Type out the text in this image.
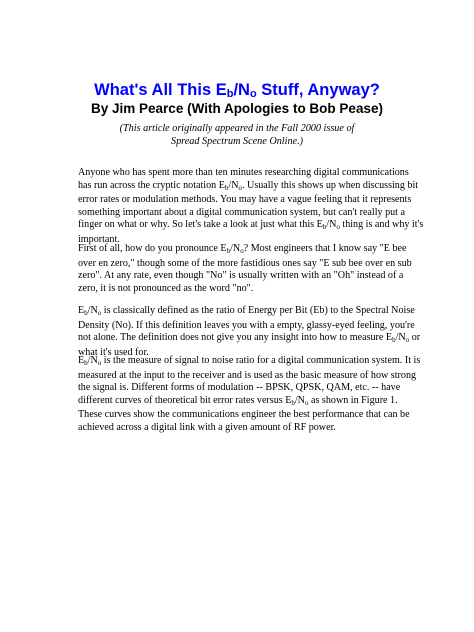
What's All This $E_b/N_o$ Stuff, Anyway?
By Jim Pearce (With Apologies to Bob Pease)

(This article originally appeared in the Fall 2000 issue of Spread Spectrum Scene Online.)

Anyone who has spent more than ten minutes researching digital communications
has run across the cryptic notation $E_b/N_o$. Usually this shows up when discussing bit
error rates or modulation methods. You may have a vague feeling that it represents
something important about a digital communication system, but can't really put a
finger on what or why. So let's take a look at just what this $E_b/N_o$ thing is and why it's
important.
First of all, how do you pronounce $E_b/N_o$? Most engineers that I know say "E bee
over en zero," though some of the more fastidious ones say "E sub bee over en sub
zero". At any rate, even though "No" is usually written with an "Oh" instead of a
zero, it is not pronounced as the word "no".
$E_b/N_o$ is classically defined as the ratio of Energy per Bit (Eb) to the Spectral Noise
Density (No). If this definition leaves you with a empty, glassy-eyed feeling, you're
not alone. The definition does not give you any insight into how to measure $E_b/N_o$ or
what it's used for.
$E_b/N_o$ is the measure of signal to noise ratio for a digital communication system. It is
measured at the input to the receiver and is used as the basic measure of how strong
the signal is. Different forms of modulation -- BPSK, QPSK, QAM, etc. -- have
different curves of theoretical bit error rates versus $E_b/N_o$ as shown in Figure 1.
These curves show the communications engineer the best performance that can be
achieved across a digital link with a given amount of RF power.
